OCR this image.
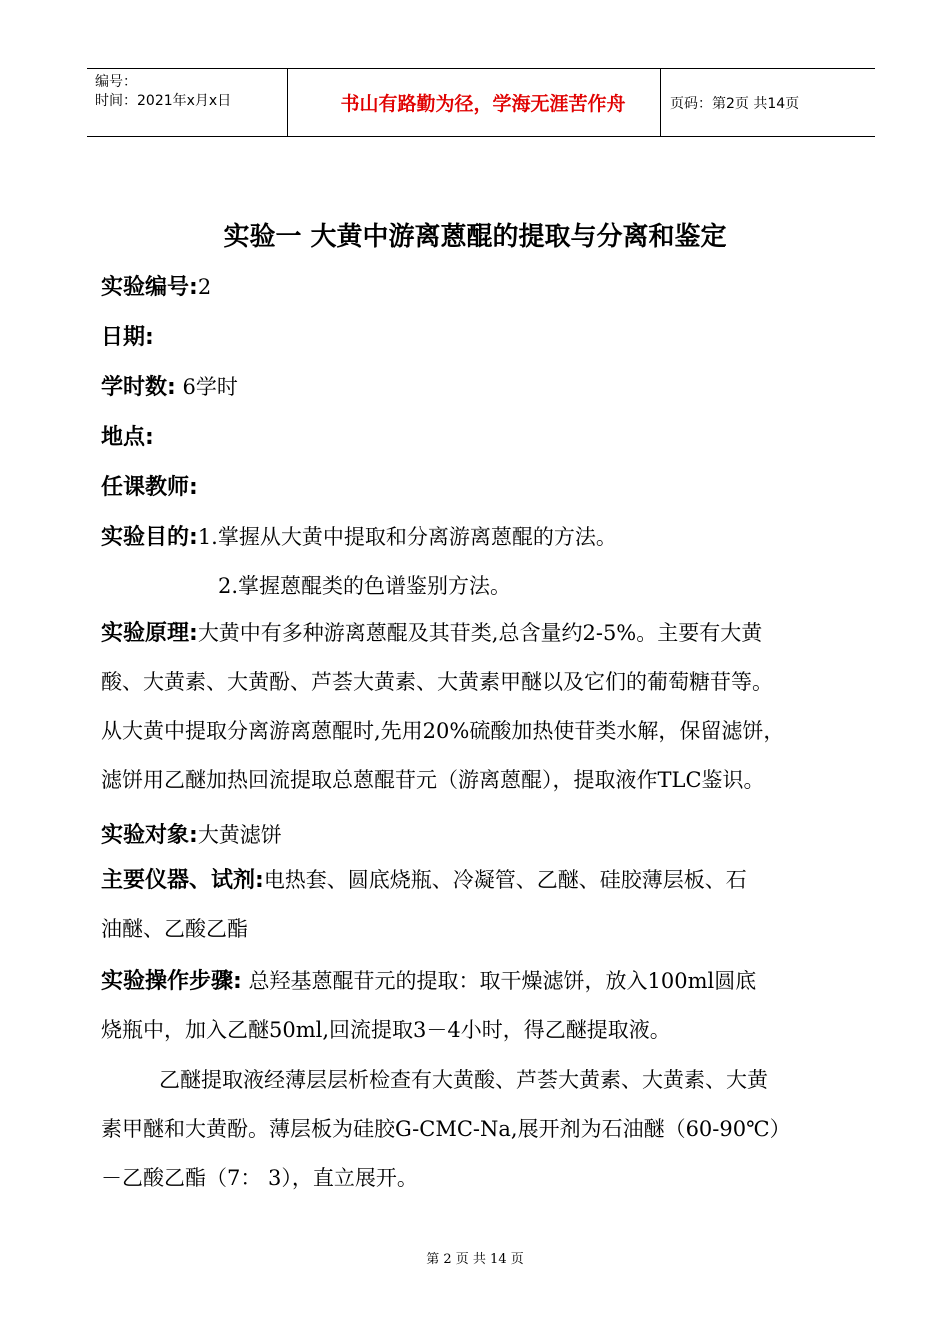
编号：
时间：2021年x月x日	书山有路勤为径，学海无涯苦作舟	页码：第2页 共14页
实验一 大黄中游离蒽醌的提取与分离和鉴定
实验编号:2
日期:
学时数: 6学时
地点:
任课教师:
实验目的:1.掌握从大黄中提取和分离游离蒽醌的方法。
2.掌握蒽醌类的色谱鉴别方法。
实验原理:大黄中有多种游离蒽醌及其苷类,总含量约2-5%。主要有大黄
酸、大黄素、大黄酚、芦荟大黄素、大黄素甲醚以及它们的葡萄糖苷等。
从大黄中提取分离游离蒽醌时,先用20%硫酸加热使苷类水解，保留滤饼，
滤饼用乙醚加热回流提取总蒽醌苷元（游离蒽醌），提取液作TLC鉴识。
实验对象:大黄滤饼
主要仪器、试剂:电热套、圆底烧瓶、冷凝管、乙醚、硅胶薄层板、石
油醚、乙酸乙酯
实验操作步骤: 总羟基蒽醌苷元的提取：取干燥滤饼，放入100ml圆底
烧瓶中，加入乙醚50ml,回流提取3－4小时，得乙醚提取液。
乙醚提取液经薄层层析检查有大黄酸、芦荟大黄素、大黄素、大黄
素甲醚和大黄酚。薄层板为硅胶G-CMC-Na,展开剂为石油醚（60-90℃）
－乙酸乙酯（7： 3），直立展开。
第 2 页 共 14 页
